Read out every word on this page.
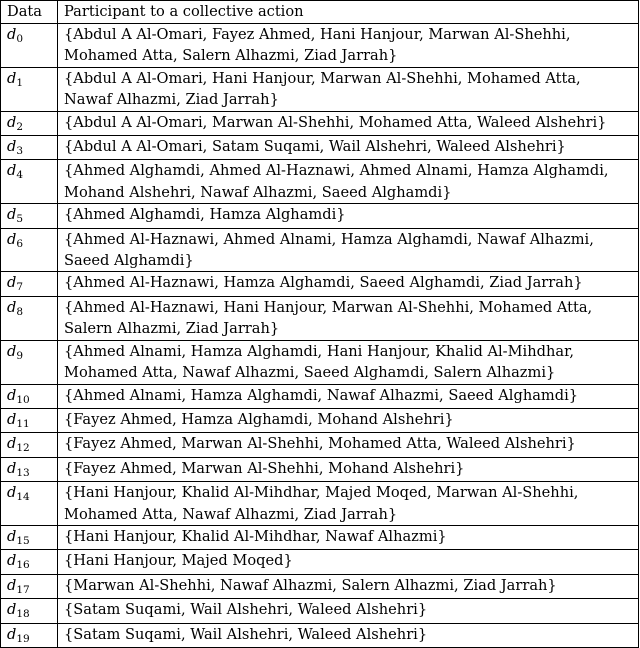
Data	Participant to a collective action
$d_0$	{Abdul A Al-Omari, Fayez Ahmed, Hani Hanjour, Marwan Al-Shehhi, Mohamed Atta, Salern Alhazmi, Ziad Jarrah}
$d_1$	{Abdul A Al-Omari, Hani Hanjour, Marwan Al-Shehhi, Mohamed Atta, Nawaf Alhazmi, Ziad Jarrah}
$d_2$	{Abdul A Al-Omari, Marwan Al-Shehhi, Mohamed Atta, Waleed Alshehri}
$d_3$	{Abdul A Al-Omari, Satam Suqami, Wail Alshehri, Waleed Alshehri}
$d_4$	{Ahmed Alghamdi, Ahmed Al-Haznawi, Ahmed Alnami, Hamza Alghamdi, Mohand Alshehri, Nawaf Alhazmi, Saeed Alghamdi}
$d_5$	{Ahmed Alghamdi, Hamza Alghamdi}
$d_6$	{Ahmed Al-Haznawi, Ahmed Alnami, Hamza Alghamdi, Nawaf Alhazmi, Saeed Alghamdi}
$d_7$	{Ahmed Al-Haznawi, Hamza Alghamdi, Saeed Alghamdi, Ziad Jarrah}
$d_8$	{Ahmed Al-Haznawi, Hani Hanjour, Marwan Al-Shehhi, Mohamed Atta, Salern Alhazmi, Ziad Jarrah}
$d_9$	{Ahmed Alnami, Hamza Alghamdi, Hani Hanjour, Khalid Al-Mihdhar, Mohamed Atta, Nawaf Alhazmi, Saeed Alghamdi, Salern Alhazmi}
$d_{10}$	{Ahmed Alnami, Hamza Alghamdi, Nawaf Alhazmi, Saeed Alghamdi}
$d_{11}$	{Fayez Ahmed, Hamza Alghamdi, Mohand Alshehri}
$d_{12}$	{Fayez Ahmed, Marwan Al-Shehhi, Mohamed Atta, Waleed Alshehri}
$d_{13}$	{Fayez Ahmed, Marwan Al-Shehhi, Mohand Alshehri}
$d_{14}$	{Hani Hanjour, Khalid Al-Mihdhar, Majed Moqed, Marwan Al-Shehhi, Mohamed Atta, Nawaf Alhazmi, Ziad Jarrah}
$d_{15}$	{Hani Hanjour, Khalid Al-Mihdhar, Nawaf Alhazmi}
$d_{16}$	{Hani Hanjour, Majed Moqed}
$d_{17}$	{Marwan Al-Shehhi, Nawaf Alhazmi, Salern Alhazmi, Ziad Jarrah}
$d_{18}$	{Satam Suqami, Wail Alshehri, Waleed Alshehri}
$d_{19}$	{Satam Suqami, Wail Alshehri, Waleed Alshehri}
